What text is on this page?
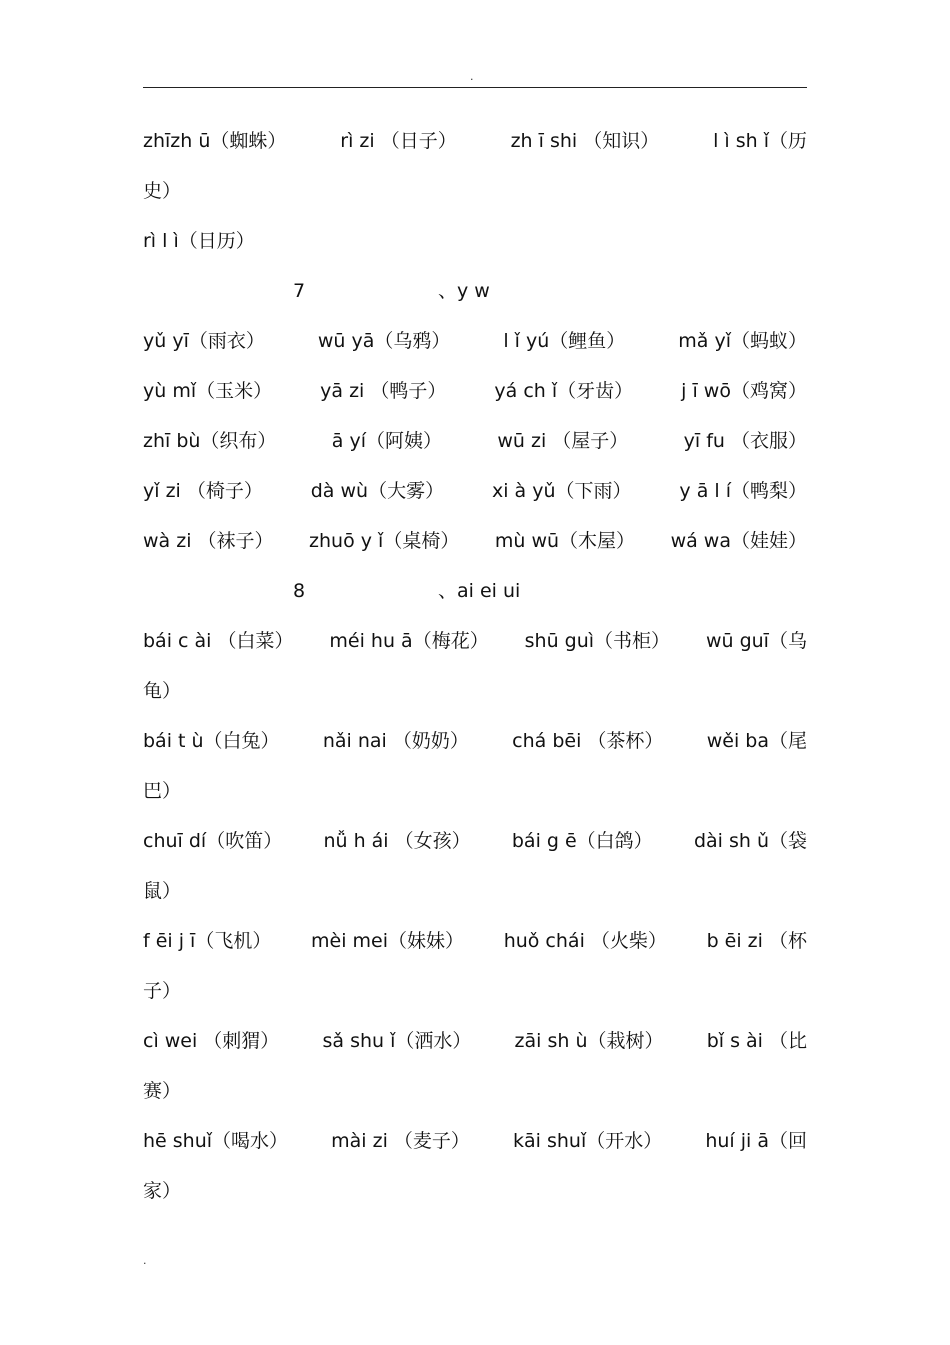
.
zhīzh ū（蜘蛛）	rì zi （日子）	zh ī shi （知识）	l ì sh ǐ（历
史）
rì l ì（日历）
7	、y w
yǔ yī（雨衣）	wū yā（乌鸦）	l ǐ yú（鲤鱼）	mǎ yǐ（蚂蚁）
yù mǐ（玉米）	yā zi （鸭子）	yá ch ǐ（牙齿）	j ī wō（鸡窝）
zhī bù（织布）	ā yí（阿姨）	wū zi （屋子）	yī fu （衣服）
yǐ zi （椅子）	dà wù（大雾）	xi à yǔ（下雨）	y ā l í（鸭梨）
wà zi （袜子） zhuō y ǐ（桌椅） mù wū（木屋） wá wa（娃娃）
8	、ai ei ui
bái c ài （白菜） méi hu ā（梅花） shū guì（书柜） wū guī（乌
龟）
bái t ù（白兔） nǎi nai （奶奶） chá bēi （茶杯） wěi ba（尾
巴）
chuī dí（吹笛） nǚ h ái （女孩） bái g ē（白鸽） dài sh ǔ（袋
鼠）
f ēi j ī（飞机） mèi mei（妹妹） huǒ chái （火柴） b ēi zi （杯
子）
cì wei （刺猬） sǎ shu ǐ（洒水） zāi sh ù（栽树） bǐ s ài （比
赛）
hē shuǐ（喝水） mài zi （麦子） kāi shuǐ（开水） huí ji ā（回
家）
.
